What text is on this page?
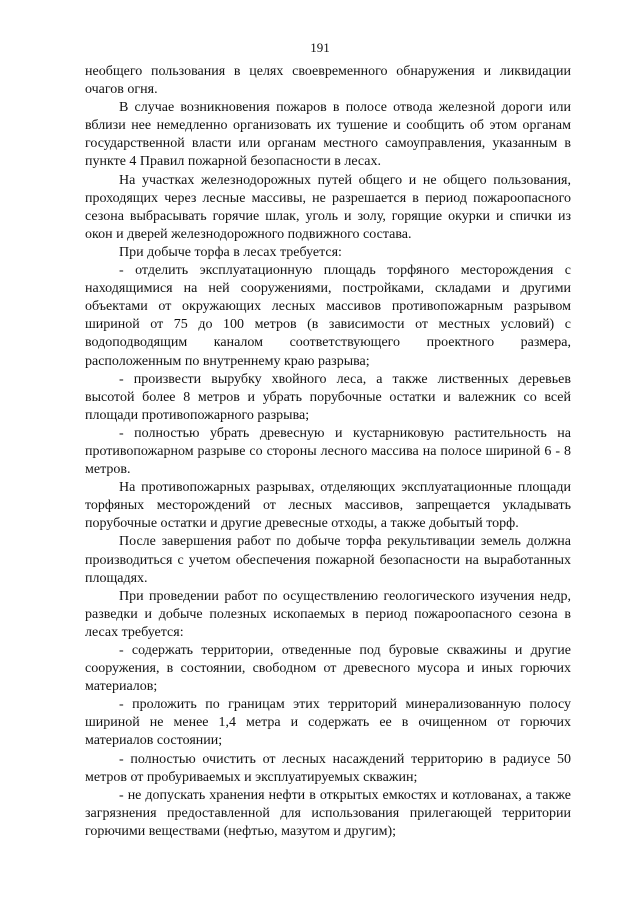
191

необщего пользования в целях своевременного обнаружения и ликвидации очагов огня.

В случае возникновения пожаров в полосе отвода железной дороги или вблизи нее немедленно организовать их тушение и сообщить об этом органам государственной власти или органам местного самоуправления, указанным в пункте 4 Правил пожарной безопасности в лесах.

На участках железнодорожных путей общего и не общего пользования, проходящих через лесные массивы, не разрешается в период пожароопасного сезона выбрасывать горячие шлак, уголь и золу, горящие окурки и спички из окон и дверей железнодорожного подвижного состава.

При добыче торфа в лесах требуется:

- отделить эксплуатационную площадь торфяного месторождения с находящимися на ней сооружениями, постройками, складами и другими объектами от окружающих лесных массивов противопожарным разрывом шириной от 75 до 100 метров (в зависимости от местных условий) с водоподводящим каналом соответствующего проектного размера, расположенным по внутреннему краю разрыва;

- произвести вырубку хвойного леса, а также лиственных деревьев высотой более 8 метров и убрать порубочные остатки и валежник со всей площади противопожарного разрыва;

- полностью убрать древесную и кустарниковую растительность на противопожарном разрыве со стороны лесного массива на полосе шириной 6 - 8 метров.

На противопожарных разрывах, отделяющих эксплуатационные площади торфяных месторождений от лесных массивов, запрещается укладывать порубочные остатки и другие древесные отходы, а также добытый торф.

После завершения работ по добыче торфа рекультивации земель должна производиться с учетом обеспечения пожарной безопасности на выработанных площадях.

При проведении работ по осуществлению геологического изучения недр, разведки и добыче полезных ископаемых в период пожароопасного сезона в лесах требуется:

- содержать территории, отведенные под буровые скважины и другие сооружения, в состоянии, свободном от древесного мусора и иных горючих материалов;

- проложить по границам этих территорий минерализованную полосу шириной не менее 1,4 метра и содержать ее в очищенном от горючих материалов состоянии;

- полностью очистить от лесных насаждений территорию в радиусе 50 метров от пробуриваемых и эксплуатируемых скважин;

- не допускать хранения нефти в открытых емкостях и котлованах, а также загрязнения предоставленной для использования прилегающей территории горючими веществами (нефтью, мазутом и другим);
